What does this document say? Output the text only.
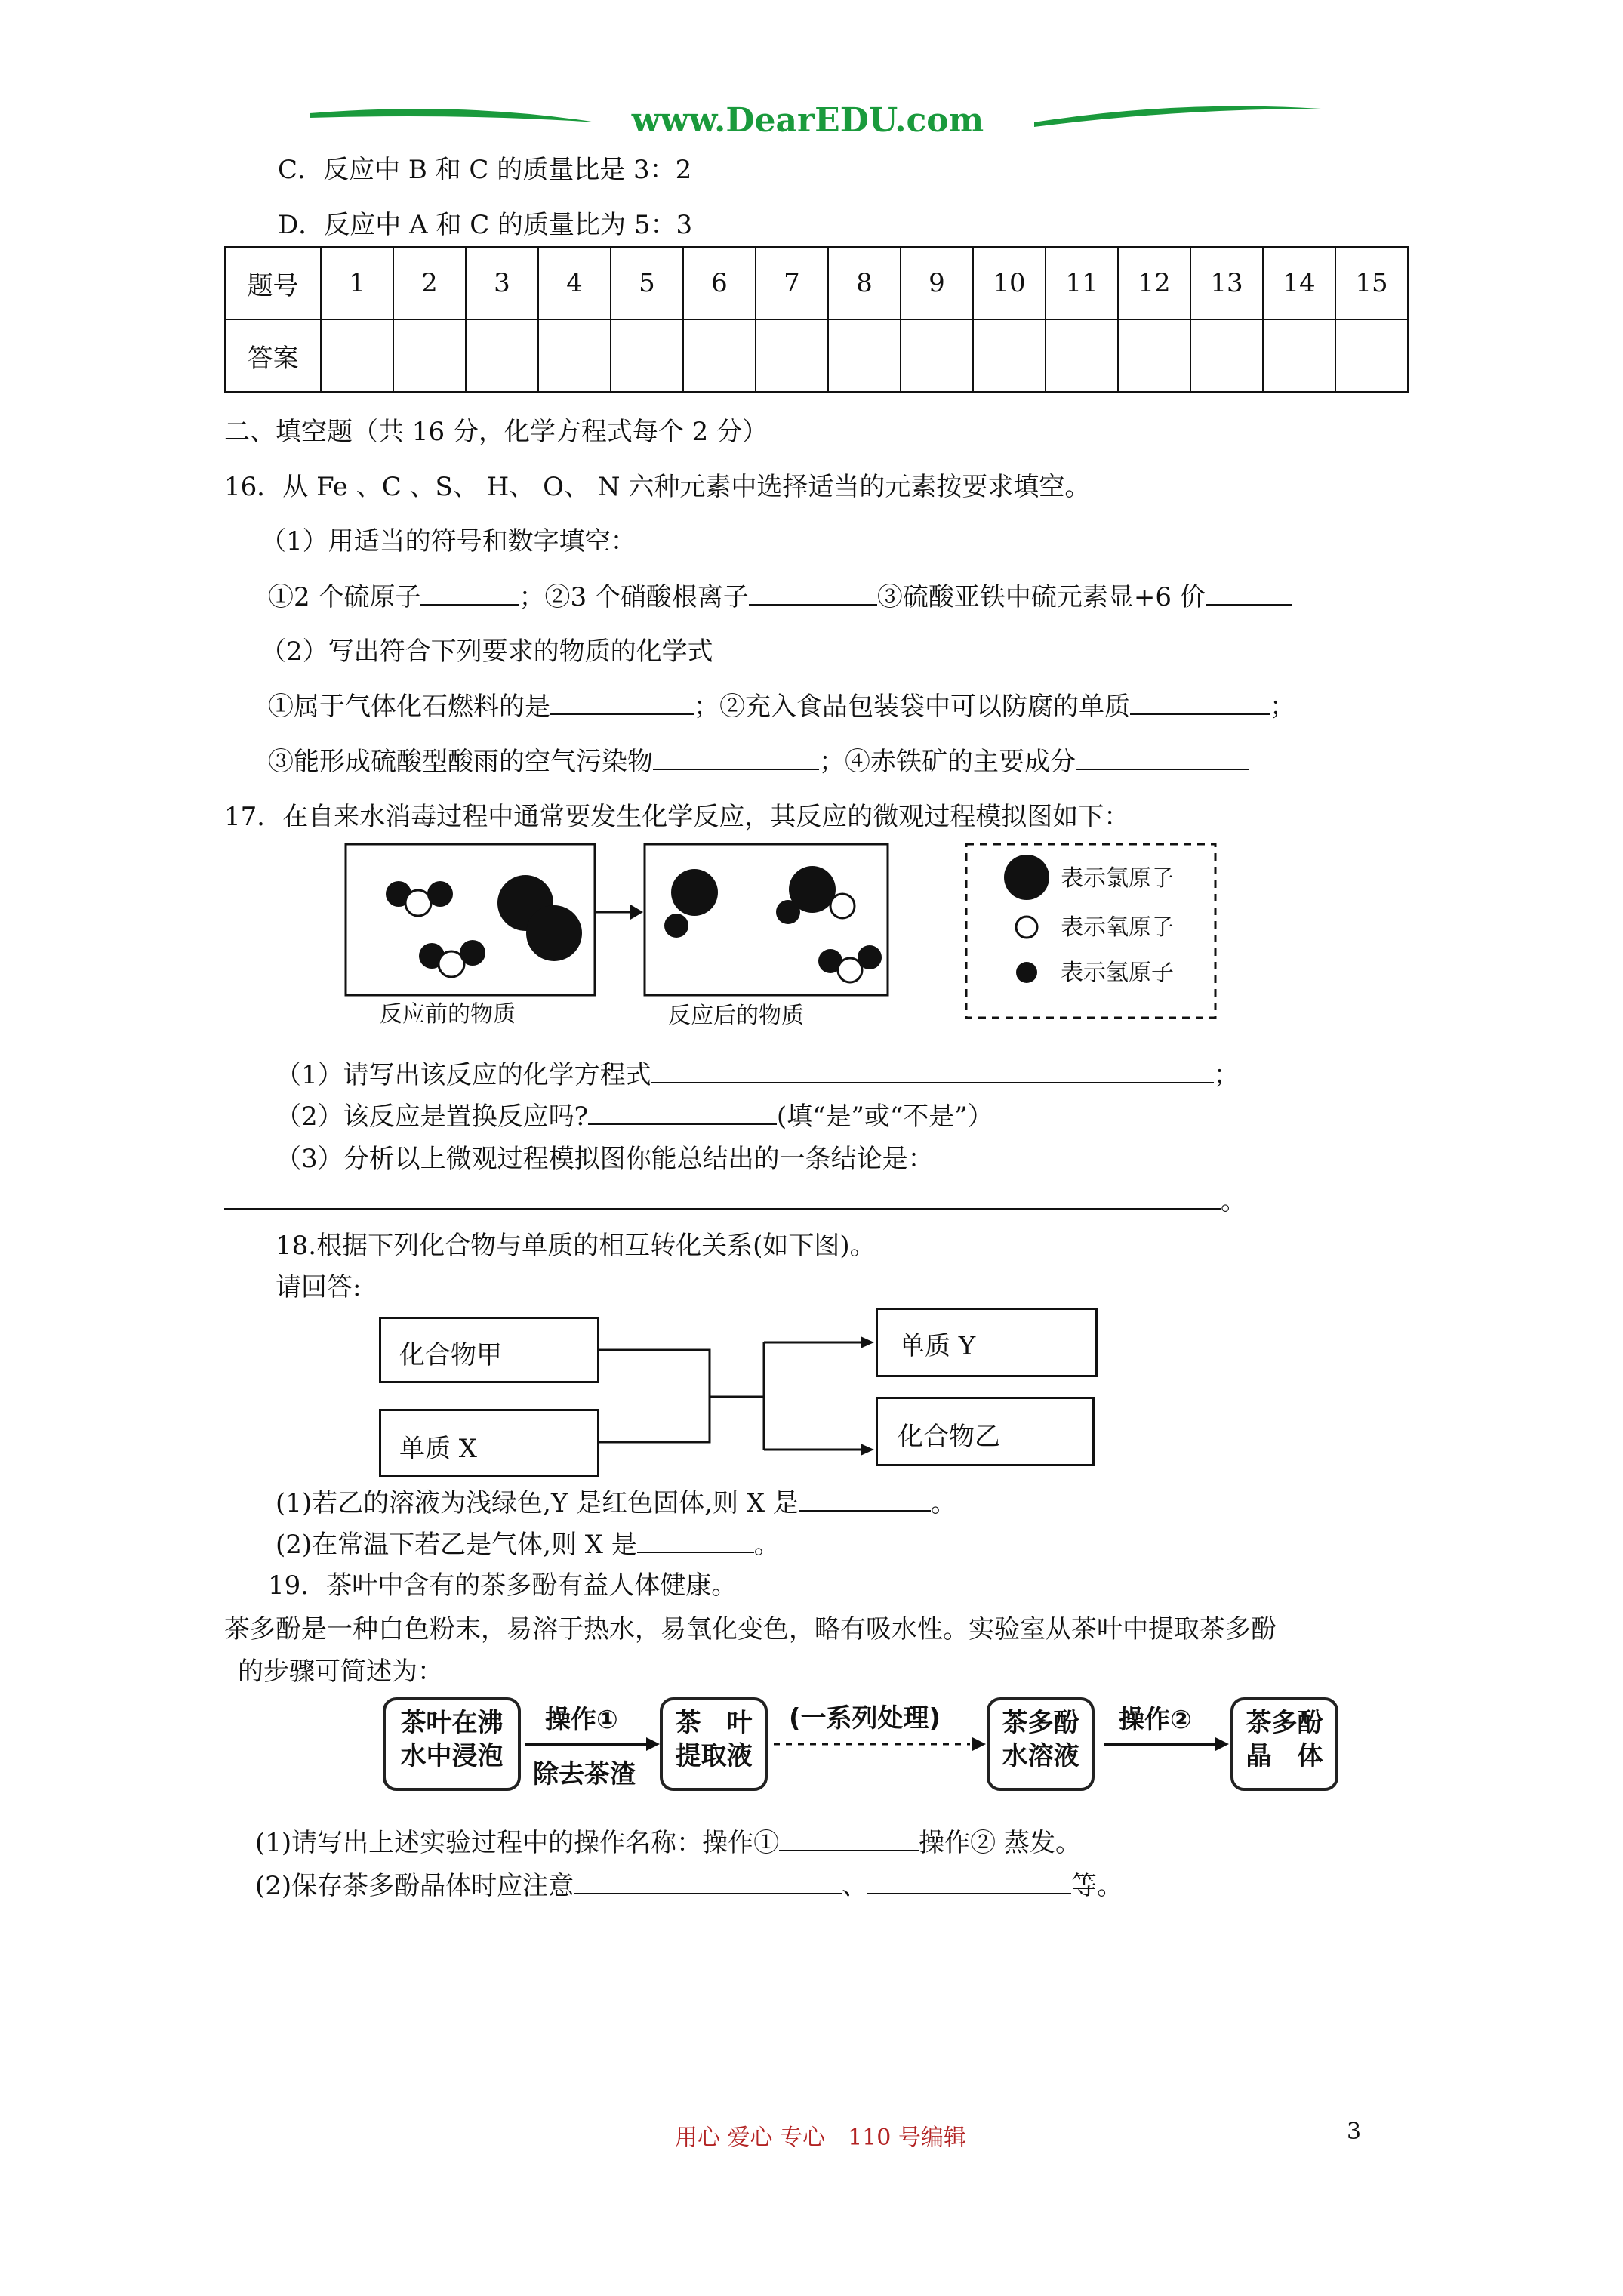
www.DearEDU.com
C．反应中 B 和 C 的质量比是 3：2
D．反应中 A 和 C 的质量比为 5：3
题号	1	2	3	4	5	6	7	8	9	10	11	12	13	14	15
答案															
二、填空题（共 16 分，化学方程式每个 2 分）
16．从 Fe 、C 、S、 H、 O、 N 六种元素中选择适当的元素按要求填空。
（1）用适当的符号和数字填空：
①2 个硫原子	；②3 个硝酸根离子	③硫酸亚铁中硫元素显+6 价
（2）写出符合下列要求的物质的化学式
①属于气体化石燃料的是	；②充入食品包装袋中可以防腐的单质	；
③能形成硫酸型酸雨的空气污染物	；④赤铁矿的主要成分
17．在自来水消毒过程中通常要发生化学反应，其反应的微观过程模拟图如下：
表示氯原子
表示氧原子
表示氢原子
反应前的物质	反应后的物质
（1）请写出该反应的化学方程式	；
（2）该反应是置换反应吗?	(填“是”或“不是”）
（3）分析以上微观过程模拟图你能总结出的一条结论是：
。
18.根据下列化合物与单质的相互转化关系(如下图)。
请回答:
化合物甲
单质 X
单质 Y
化合物乙
(1)若乙的溶液为浅绿色,Y 是红色固体,则 X 是	。
(2)在常温下若乙是气体,则 X 是	。
19．茶叶中含有的茶多酚有益人体健康。
茶多酚是一种白色粉末，易溶于热水，易氧化变色，略有吸水性。实验室从茶叶中提取茶多酚
的步骤可简述为：
茶叶在沸
水中浸泡
操作①
除去茶渣
茶　叶
提取液
(一系列处理)	茶多酚
水溶液
操作②	茶多酚
晶　体
(1)请写出上述实验过程中的操作名称：操作①	操作② 蒸发。
(2)保存茶多酚晶体时应注意	、	等。
用心 爱心 专心　110 号编辑	3
